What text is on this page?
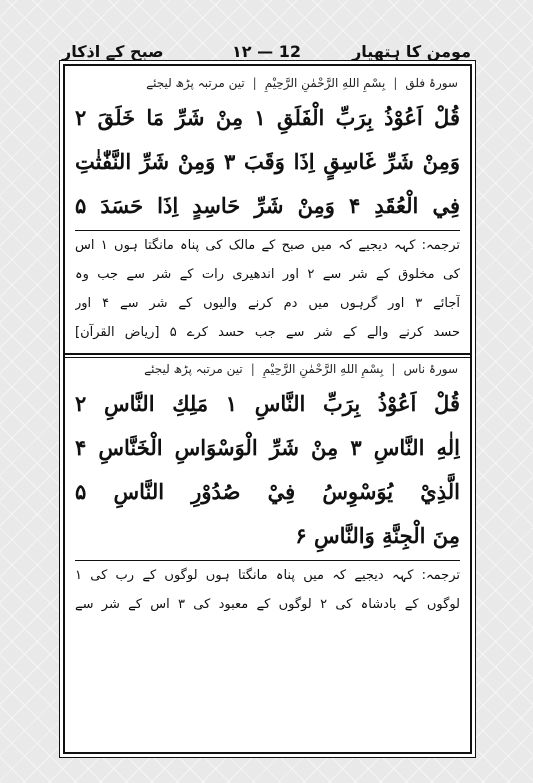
مومن کا ہتھیار
۱۲ — 12
صبح کے اذکار
سورۂ فلق
|
بِسْمِ اللهِ الرَّحْمٰنِ الرَّحِيْمِ
|
تین مرتبہ پڑھ لیجئے
قُلْ اَعُوْذُ بِرَبِّ الْفَلَقِ ۱ مِنْ شَرِّ مَا خَلَقَ ۲
وَمِنْ شَرِّ غَاسِقٍ اِذَا وَقَبَ ۳ وَمِنْ شَرِّ النَّفّٰثٰتِ
فِي الْعُقَدِ ۴ وَمِنْ شَرِّ حَاسِدٍ اِذَا حَسَدَ ۵
ترجمہ: کہہ دیجیے کہ میں صبح کے مالک کی پناہ مانگتا ہوں ۱ اس
کی مخلوق کے شر سے ۲ اور اندھیری رات کے شر سے جب وہ
آجائے ۳ اور گرہوں میں دم کرنے والیوں کے شر سے ۴ اور
حسد کرنے والے کے شر سے جب حسد کرے ۵ [ریاض القرآن]
سورۂ ناس
|
بِسْمِ اللهِ الرَّحْمٰنِ الرَّحِيْمِ
|
تین مرتبہ پڑھ لیجئے
قُلْ اَعُوْذُ بِرَبِّ النَّاسِ ۱ مَلِكِ النَّاسِ ۲
اِلٰهِ النَّاسِ ۳ مِنْ شَرِّ الْوَسْوَاسِ الْخَنَّاسِ ۴
الَّذِيْ يُوَسْوِسُ فِيْ صُدُوْرِ النَّاسِ ۵
مِنَ الْجِنَّةِ وَالنَّاسِ ۶
ترجمہ: کہہ دیجیے کہ میں پناہ مانگتا ہوں لوگوں کے رب کی ۱
لوگوں کے بادشاہ کی ۲ لوگوں کے معبود کی ۳ اس کے شر سے
